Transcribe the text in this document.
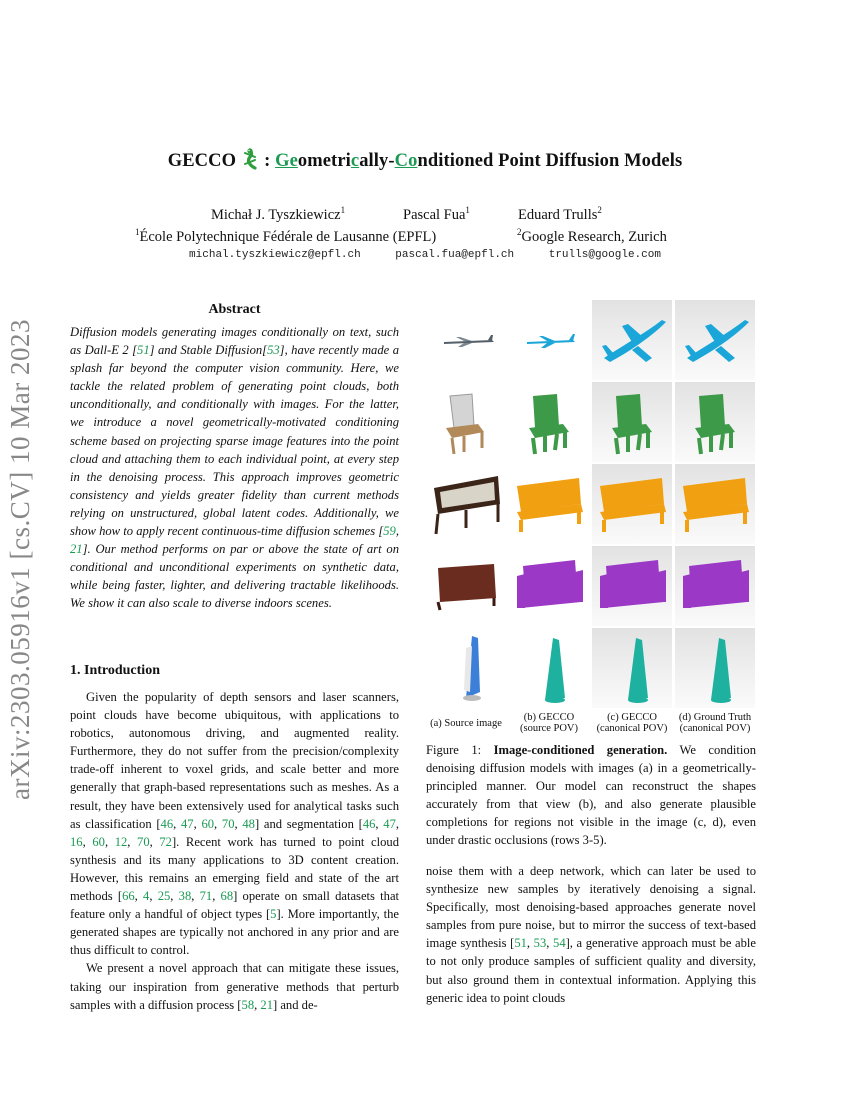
arXiv:2303.05916v1 [cs.CV] 10 Mar 2023
GECCO : Geometrically-Conditioned Point Diffusion Models
Michał J. Tyszkiewicz$^1$	Pascal Fua$^1$	Eduard Trulls$^2$
$^1$École Polytechnique Fédérale de Lausanne (EPFL)	$^2$Google Research, Zurich
michal.tyszkiewicz@epfl.ch	pascal.fua@epfl.ch	trulls@google.com
Abstract
Diffusion models generating images conditionally on text, such as Dall-E 2 [51] and Stable Diffusion[53], have recently made a splash far beyond the computer vision community. Here, we tackle the related problem of generating point clouds, both unconditionally, and conditionally with images. For the latter, we introduce a novel geometrically-motivated conditioning scheme based on projecting sparse image features into the point cloud and attaching them to each individual point, at every step in the denoising process. This approach improves geometric consistency and yields greater fidelity than current methods relying on unstructured, global latent codes. Additionally, we show how to apply recent continuous-time diffusion schemes [59, 21]. Our method performs on par or above the state of art on conditional and unconditional experiments on synthetic data, while being faster, lighter, and delivering tractable likelihoods. We show it can also scale to diverse indoors scenes.
1. Introduction

Given the popularity of depth sensors and laser scanners, point clouds have become ubiquitous, with applications to robotics, autonomous driving, and augmented reality. Furthermore, they do not suffer from the precision/complexity trade-off inherent to voxel grids, and scale better and more generally that graph-based representations such as meshes. As a result, they have been extensively used for analytical tasks such as classification [46, 47, 60, 70, 48] and segmentation [46, 47, 16, 60, 12, 70, 72]. Recent work has turned to point cloud synthesis and its many applications to 3D content creation. However, this remains an emerging field and state of the art methods [66, 4, 25, 38, 71, 68] operate on small datasets that feature only a handful of object types [5]. More importantly, the generated shapes are typically not anchored in any prior and are thus difficult to control.

We present a novel approach that can mitigate these issues, taking our inspiration from generative methods that perturb samples with a diffusion process [58, 21] and de-

(a) Source image
(b) GECCO (source POV)
(c) GECCO (canonical POV)
(d) Ground Truth (canonical POV)
Figure 1: Image-conditioned generation. We condition denoising diffusion models with images (a) in a geometrically-principled manner. Our model can reconstruct the shapes accurately from that view (b), and also generate plausible completions for regions not visible in the image (c, d), even under drastic occlusions (rows 3-5).

noise them with a deep network, which can later be used to synthesize new samples by iteratively denoising a signal. Specifically, most denoising-based approaches generate novel samples from pure noise, but to mirror the success of text-based image synthesis [51, 53, 54], a generative approach must be able to not only produce samples of sufficient quality and diversity, but also ground them in contextual information. Applying this generic idea to point clouds
